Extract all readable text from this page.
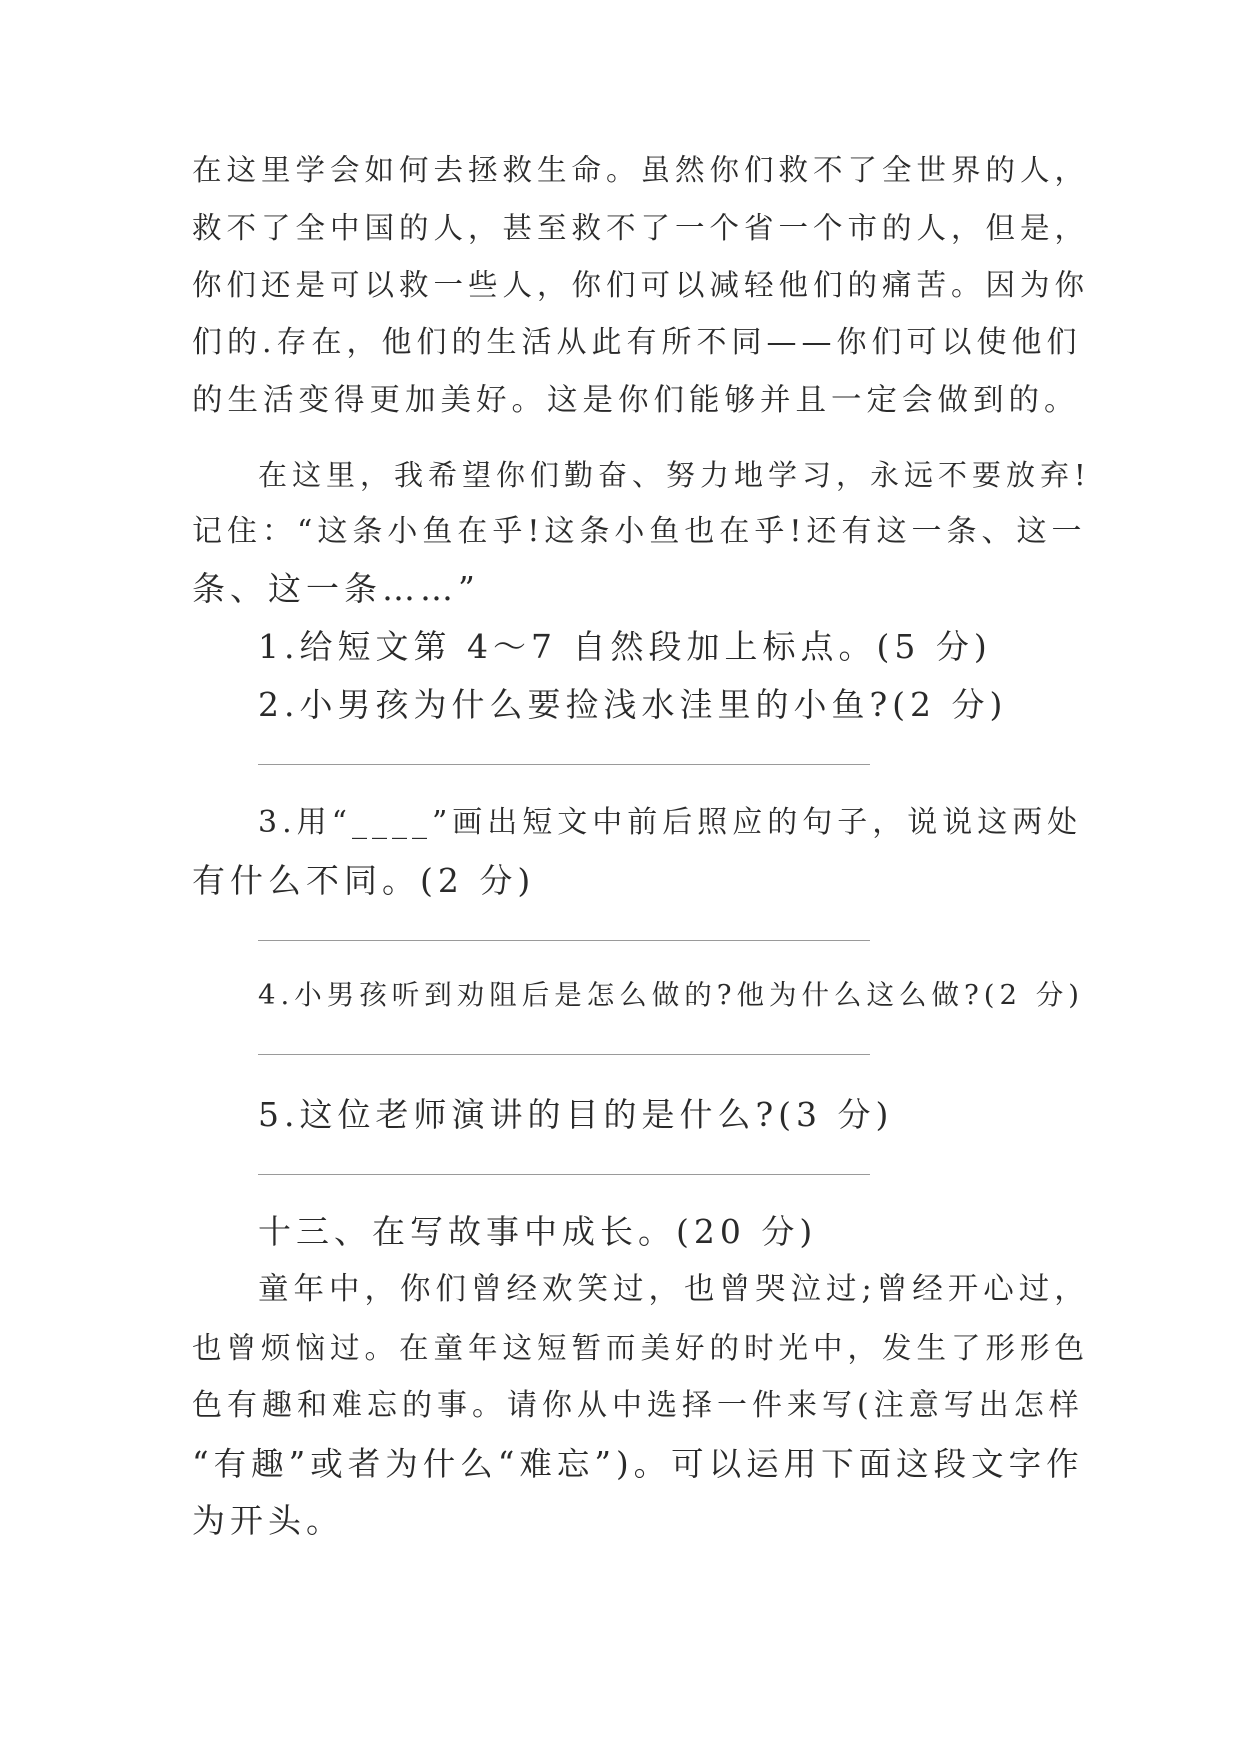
在这里学会如何去拯救生命。虽然你们救不了全世界的人，
救不了全中国的人，甚至救不了一个省一个市的人，但是，
你们还是可以救一些人，你们可以减轻他们的痛苦。因为你
们的.存在，他们的生活从此有所不同——你们可以使他们
的生活变得更加美好。这是你们能够并且一定会做到的。
在这里，我希望你们勤奋、努力地学习，永远不要放弃!
记住：“这条小鱼在乎!这条小鱼也在乎!还有这一条、这一
条、这一条……”
1.给短文第 4～7 自然段加上标点。(5 分)
2.小男孩为什么要捡浅水洼里的小鱼?(2 分)
3.用“____”画出短文中前后照应的句子，说说这两处
有什么不同。(2 分)
4.小男孩听到劝阻后是怎么做的?他为什么这么做?(2 分)
5.这位老师演讲的目的是什么?(3 分)
十三、在写故事中成长。(20 分)
童年中，你们曾经欢笑过，也曾哭泣过;曾经开心过，
也曾烦恼过。在童年这短暂而美好的时光中，发生了形形色
色有趣和难忘的事。请你从中选择一件来写(注意写出怎样
“有趣”或者为什么“难忘”)。可以运用下面这段文字作
为开头。
